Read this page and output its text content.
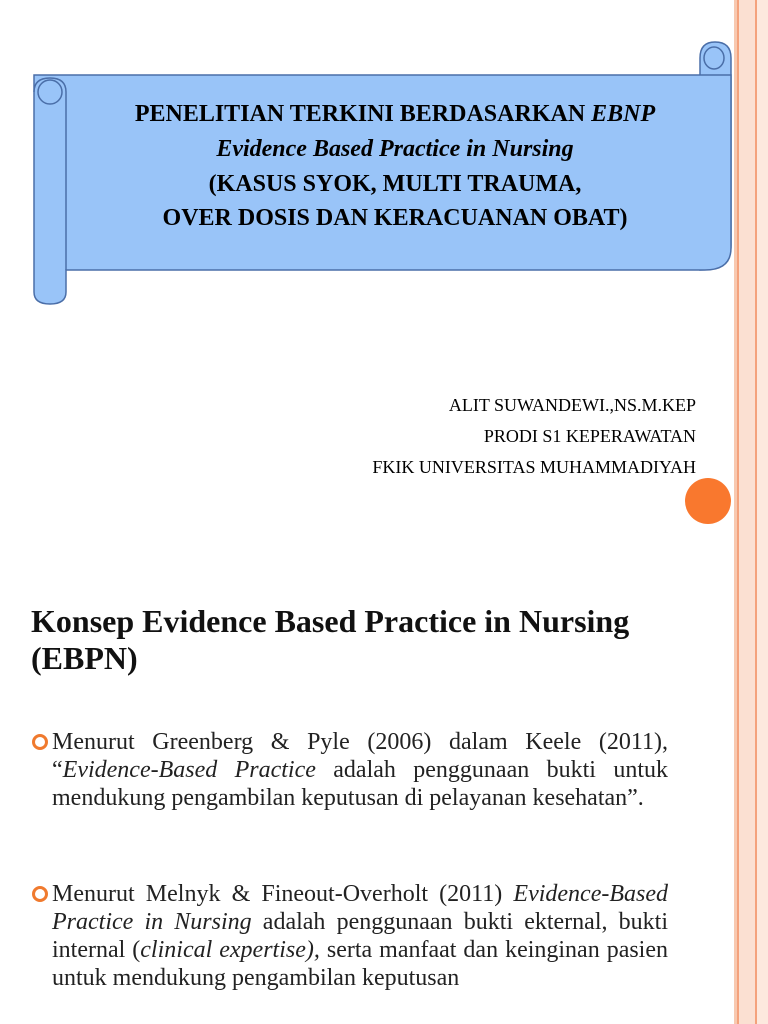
PENELITIAN TERKINI BERDASARKAN EBNP
Evidence Based Practice in Nursing
(KASUS SYOK, MULTI TRAUMA,
OVER DOSIS DAN KERACUANAN OBAT)
ALIT SUWANDEWI.,NS.M.KEP
PRODI S1 KEPERAWATAN
FKIK UNIVERSITAS MUHAMMADIYAH
Konsep Evidence Based Practice in Nursing (EBPN)
Menurut Greenberg & Pyle (2006) dalam Keele (2011), “Evidence-Based Practice adalah penggunaan bukti untuk mendukung pengambilan keputusan di pelayanan kesehatan”.
Menurut Melnyk & Fineout-Overholt (2011) Evidence-Based Practice in Nursing adalah penggunaan bukti ekternal, bukti internal (clinical expertise), serta manfaat dan keinginan pasien untuk mendukung pengambilan keputusan
